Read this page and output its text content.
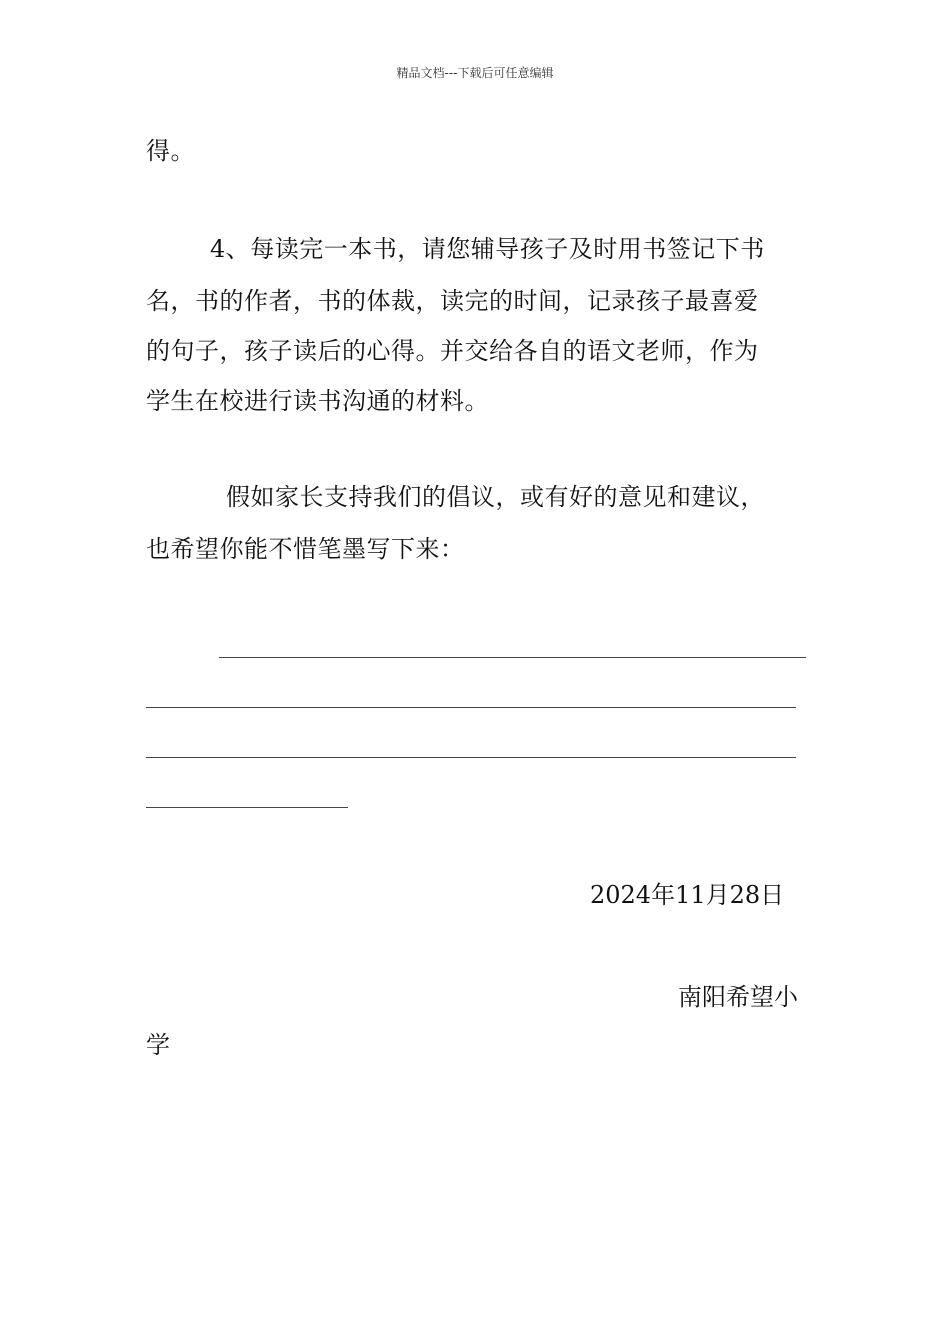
精品文档---下载后可任意编辑
得。
4、每读完一本书，请您辅导孩子及时用书签记下书
名，书的作者，书的体裁，读完的时间，记录孩子最喜爱
的句子，孩子读后的心得。并交给各自的语文老师，作为
学生在校进行读书沟通的材料。
假如家长支持我们的倡议，或有好的意见和建议，
也希望你能不惜笔墨写下来：
2024年11月28日
南阳希望小
学
